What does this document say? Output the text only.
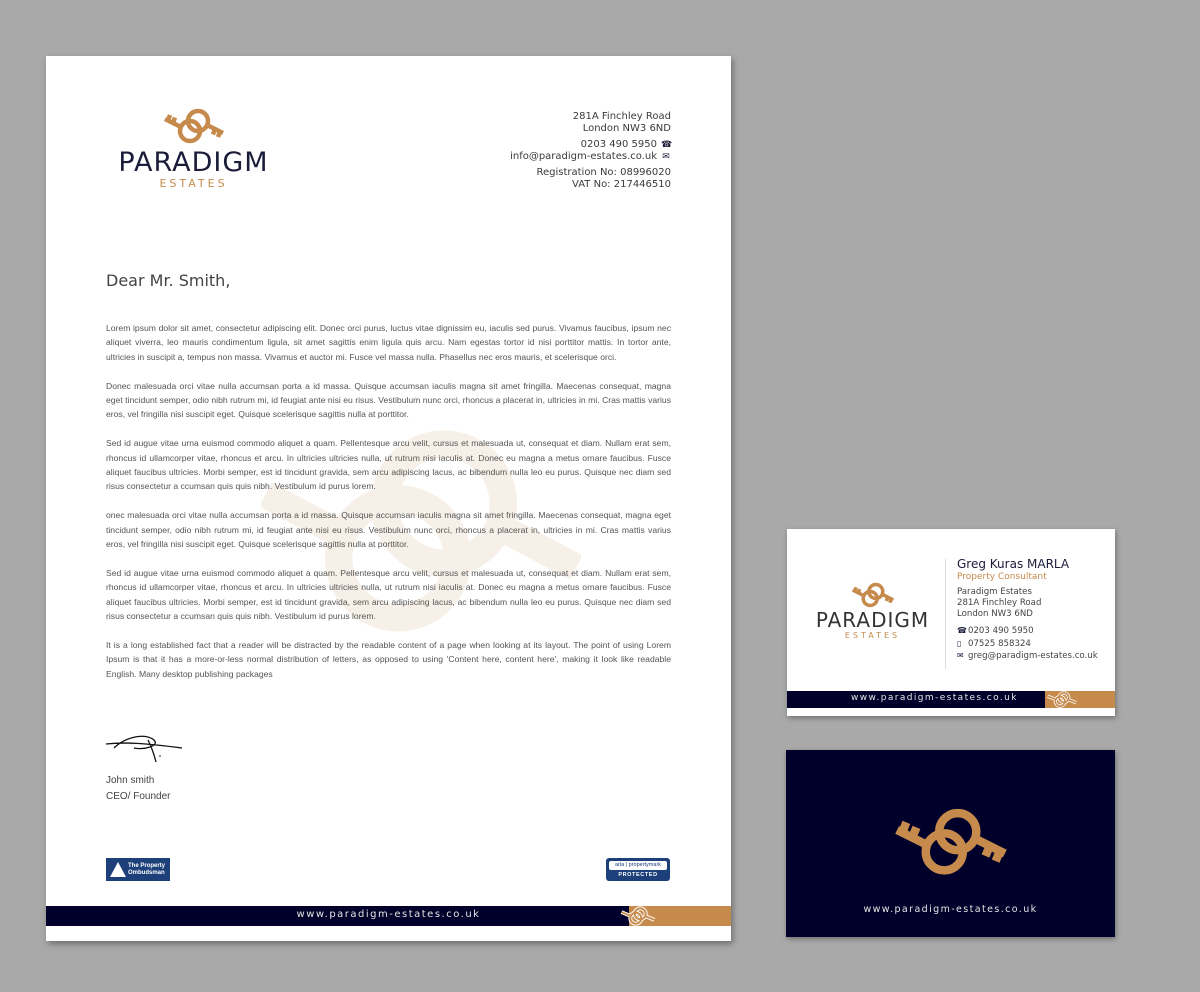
PARADIGM
ESTATES
281A Finchley Road
London NW3 6ND
0203 490 5950 ☎
info@paradigm-estates.co.uk ✉
Registration No: 08996020
VAT No: 217446510
Dear Mr. Smith,

Lorem ipsum dolor sit amet, consectetur adipiscing elit. Donec orci purus, luctus vitae dignissim eu, iaculis sed purus. Vivamus faucibus, ipsum nec aliquet viverra, leo mauris condimentum ligula, sit amet sagittis enim ligula quis arcu. Nam egestas tortor id nisi porttitor mattis. In tortor ante, ultricies in suscipit a, tempus non massa. Vivamus et auctor mi. Fusce vel massa nulla. Phasellus nec eros mauris, et scelerisque orci.

Donec malesuada orci vitae nulla accumsan porta a id massa. Quisque accumsan iaculis magna sit amet fringilla. Maecenas consequat, magna eget tincidunt semper, odio nibh rutrum mi, id feugiat ante nisi eu risus. Vestibulum nunc orci, rhoncus a placerat in, ultricies in mi. Cras mattis varius eros, vel fringilla nisi suscipit eget. Quisque scelerisque sagittis nulla at porttitor.

Sed id augue vitae urna euismod commodo aliquet a quam. Pellentesque arcu velit, cursus et malesuada ut, consequat et diam. Nullam erat sem, rhoncus id ullamcorper vitae, rhoncus et arcu. In ultricies ultricies nulla, ut rutrum nisi iaculis at. Donec eu magna a metus ornare faucibus. Fusce aliquet faucibus ultricies. Morbi semper, est id tincidunt gravida, sem arcu adipiscing lacus, ac bibendum nulla leo eu purus. Quisque nec diam sed risus consectetur a ccumsan quis quis nibh. Vestibulum id purus lorem.

onec malesuada orci vitae nulla accumsan porta a id massa. Quisque accumsan iaculis magna sit amet fringilla. Maecenas consequat, magna eget tincidunt semper, odio nibh rutrum mi, id feugiat ante nisi eu risus. Vestibulum nunc orci, rhoncus a placerat in, ultricies in mi. Cras mattis varius eros, vel fringilla nisi suscipit eget. Quisque scelerisque sagittis nulla at porttitor.

Sed id augue vitae urna euismod commodo aliquet a quam. Pellentesque arcu velit, cursus et malesuada ut, consequat et diam. Nullam erat sem, rhoncus id ullamcorper vitae, rhoncus et arcu. In ultricies ultricies nulla, ut rutrum nisi iaculis at. Donec eu magna a metus ornare faucibus. Fusce aliquet faucibus ultricies. Morbi semper, est id tincidunt gravida, sem arcu adipiscing lacus, ac bibendum nulla leo eu purus. Quisque nec diam sed risus consectetur a ccumsan quis quis nibh. Vestibulum id purus lorem.

It is a long established fact that a reader will be distracted by the readable content of a page when looking at its layout. The point of using Lorem Ipsum is that it has a more-or-less normal distribution of letters, as opposed to using 'Content here, content here', making it look like readable English. Many desktop publishing packages

John smith
CEO/ Founder
The Property
Ombudsman
arla | propertymark
PROTECTED
www.paradigm-estates.co.uk
PARADIGM
ESTATES
Greg Kuras MARLA
Property Consultant
Paradigm Estates
281A Finchley Road
London NW3 6ND
☎0203 490 5950
▯ 07525 858324
✉ greg@paradigm-estates.co.uk
www.paradigm-estates.co.uk
www.paradigm-estates.co.uk
